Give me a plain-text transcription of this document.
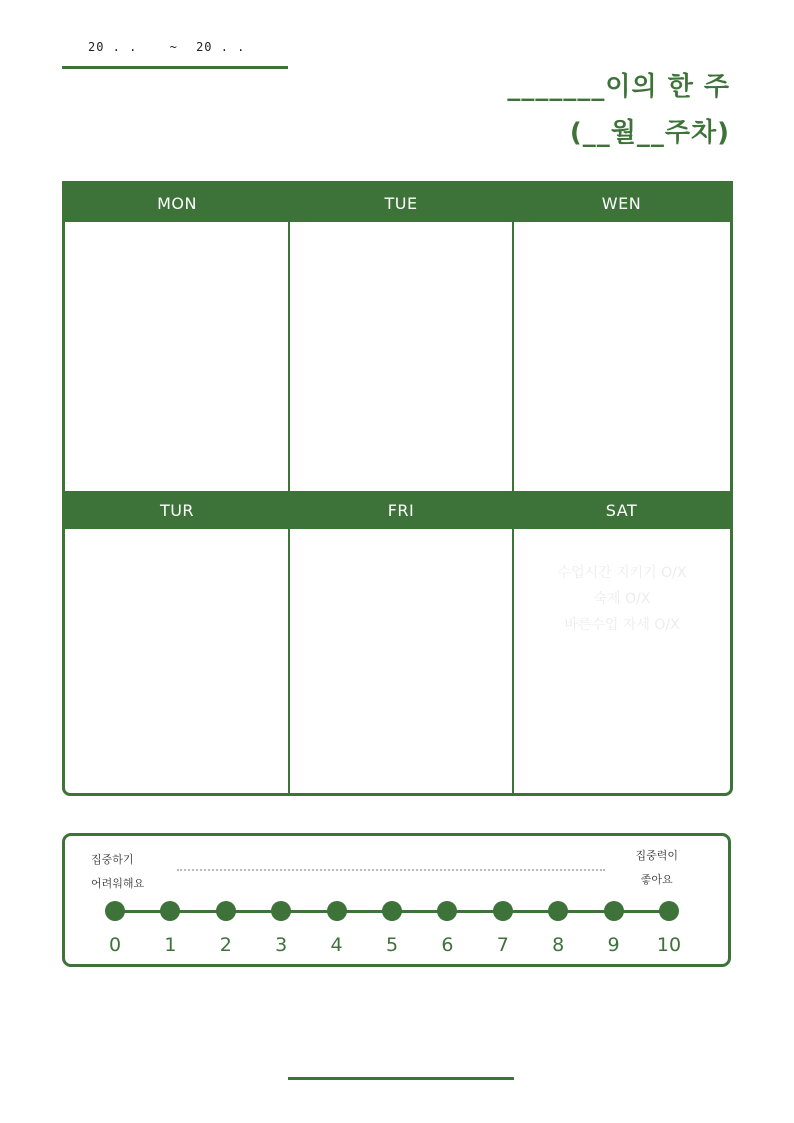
20 . .	~ 20 . .
_______이의 한 주
(__월__주차)
MON	TUE	WEN
TUR	FRI	SAT
수업시간 지키기 O/X
숙제 O/X
바른수업 자세 O/X
집중하기
어려워해요
집중력이
좋아요
0	1	2	3	4	5	6	7	8	9	10
